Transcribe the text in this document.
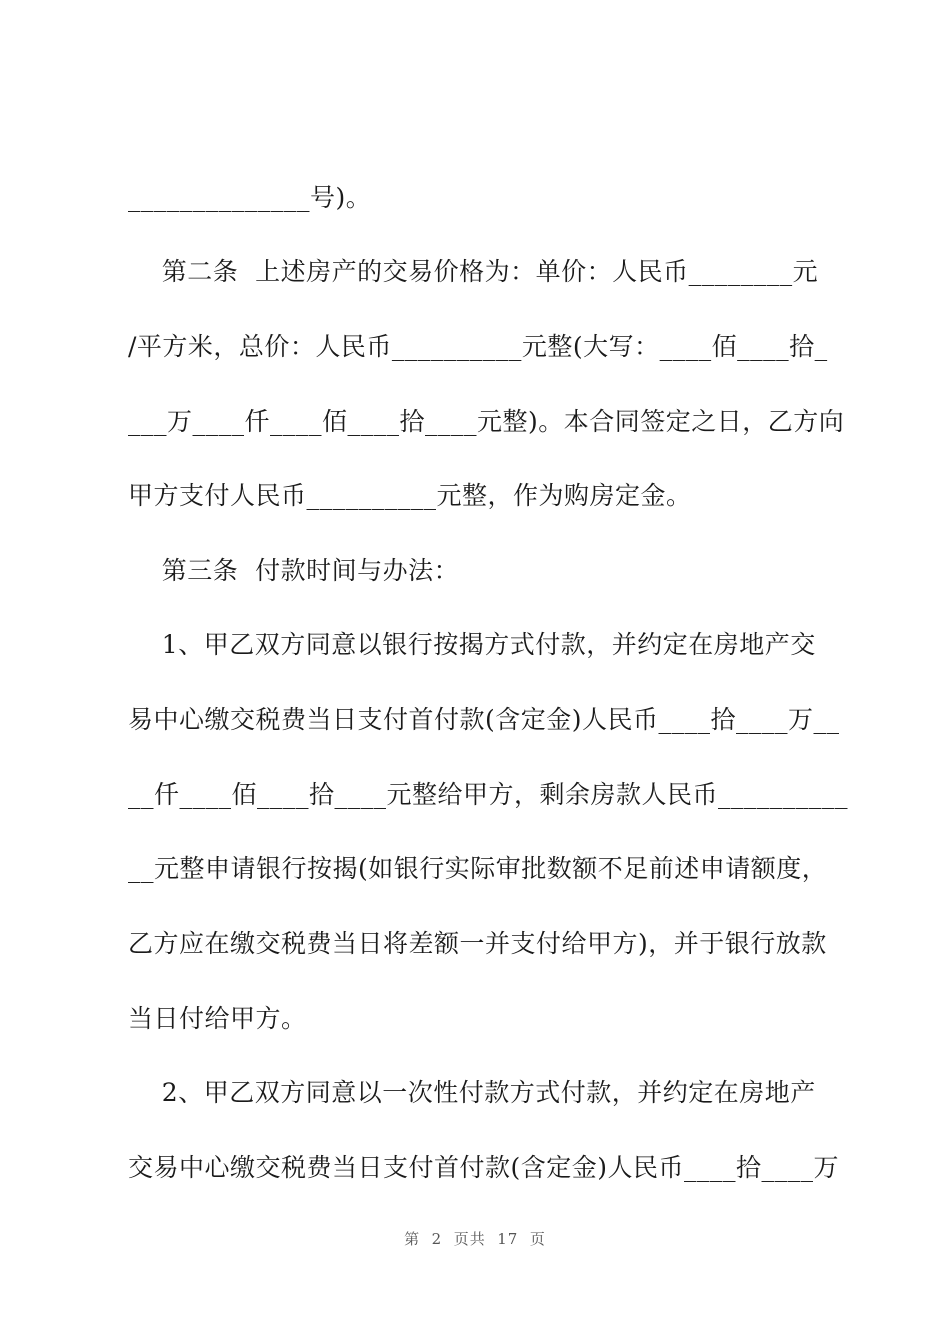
______________号)。
第二条  上述房产的交易价格为：单价：人民币________元
/平方米，总价：人民币__________元整(大写：____佰____拾_
___万____仟____佰____拾____元整)。本合同签定之日，乙方向
甲方支付人民币__________元整，作为购房定金。
第三条  付款时间与办法：
1、甲乙双方同意以银行按揭方式付款，并约定在房地产交
易中心缴交税费当日支付首付款(含定金)人民币____拾____万__
__仟____佰____拾____元整给甲方，剩余房款人民币__________
__元整申请银行按揭(如银行实际审批数额不足前述申请额度，
乙方应在缴交税费当日将差额一并支付给甲方)，并于银行放款
当日付给甲方。
2、甲乙双方同意以一次性付款方式付款，并约定在房地产
交易中心缴交税费当日支付首付款(含定金)人民币____拾____万
第  2  页共  17  页
